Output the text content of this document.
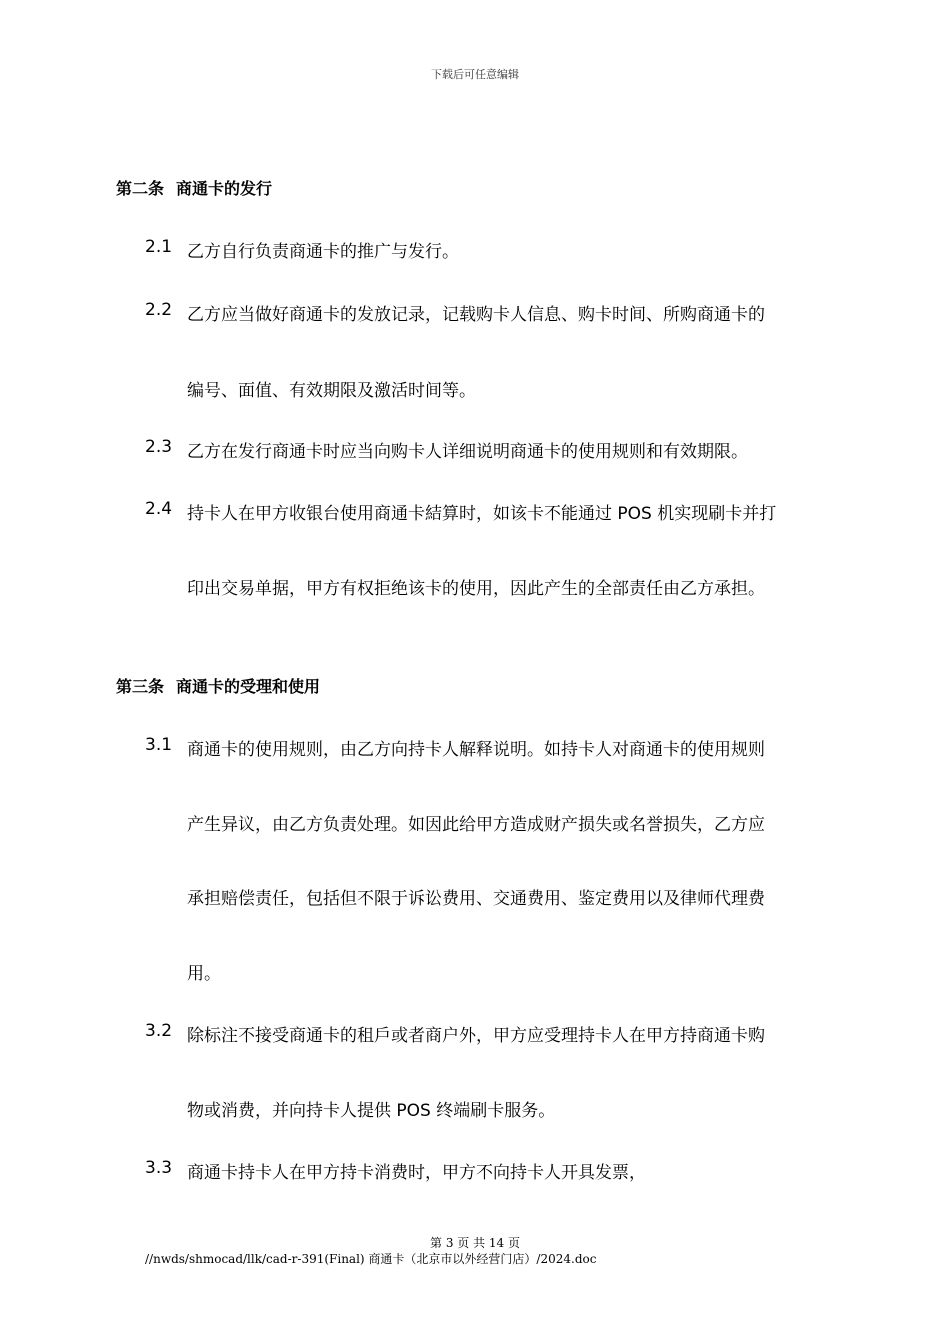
下载后可任意编辑
第二条 商通卡的发行
2.1 乙方自行负责商通卡的推广与发行。
2.2 乙方应当做好商通卡的发放记录，记载购卡人信息、购卡时间、所购商通卡的
编号、面值、有效期限及激活时间等。
2.3 乙方在发行商通卡时应当向购卡人详细说明商通卡的使用规则和有效期限。
2.4 持卡人在甲方收银台使用商通卡結算时，如该卡不能通过 POS 机实现刷卡并打
印出交易单据，甲方有权拒绝该卡的使用，因此产生的全部责任由乙方承担。
第三条 商通卡的受理和使用
3.1 商通卡的使用规则，由乙方向持卡人解释说明。如持卡人对商通卡的使用规则
产生异议，由乙方负责处理。如因此给甲方造成财产损失或名誉损失，乙方应
承担赔偿责任，包括但不限于诉讼费用、交通费用、鉴定费用以及律师代理费
用。
3.2 除标注不接受商通卡的租戶或者商户外，甲方应受理持卡人在甲方持商通卡购
物或消费，并向持卡人提供 POS 终端刷卡服务。
3.3 商通卡持卡人在甲方持卡消费时，甲方不向持卡人开具发票，
第 3 页 共 14 页
//nwds/shmocad/llk/cad-r-391(Final) 商通卡（北京市以外经营门店）/2024.doc
